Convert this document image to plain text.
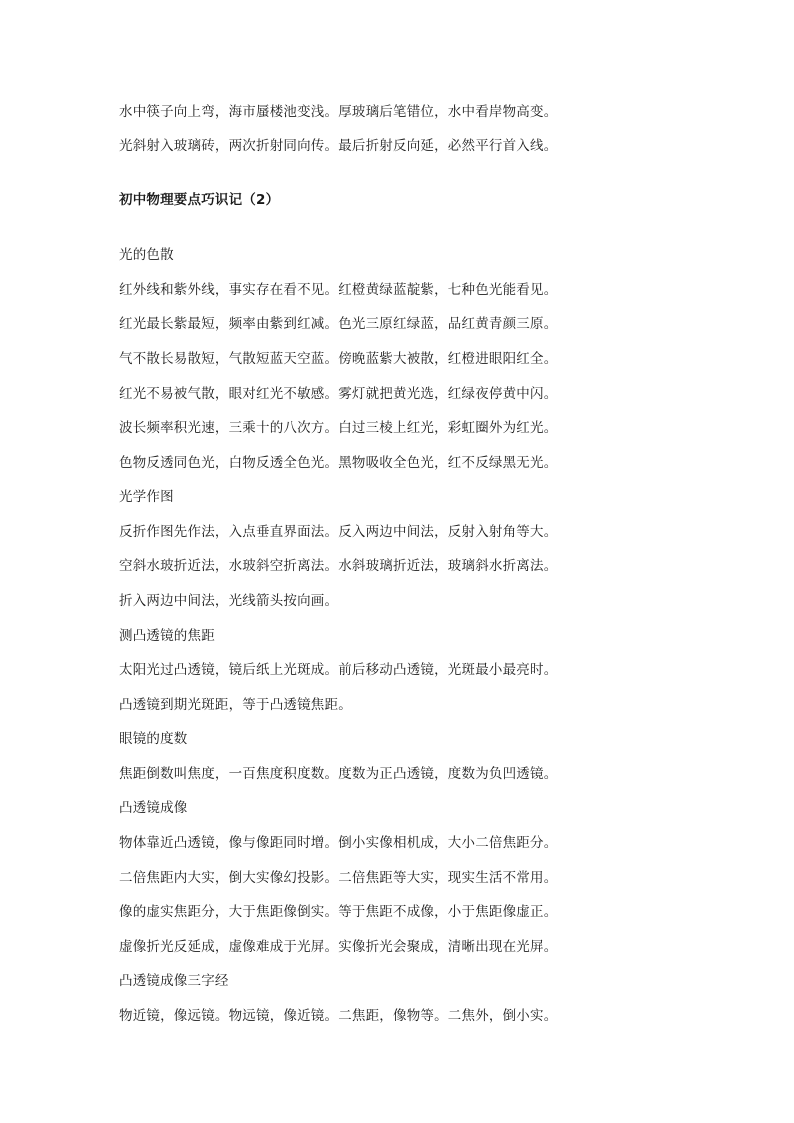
水中筷子向上弯，海市蜃楼池变浅。厚玻璃后笔错位，水中看岸物高变。
光斜射入玻璃砖，两次折射同向传。最后折射反向延，必然平行首入线。
初中物理要点巧识记（2）
光的色散
红外线和紫外线，事实存在看不见。红橙黄绿蓝靛紫，七种色光能看见。
红光最长紫最短，频率由紫到红减。色光三原红绿蓝，品红黄青颜三原。
气不散长易散短，气散短蓝天空蓝。傍晚蓝紫大被散，红橙进眼阳红全。
红光不易被气散，眼对红光不敏感。雾灯就把黄光选，红绿夜停黄中闪。
波长频率积光速，三乘十的八次方。白过三棱上红光，彩虹圈外为红光。
色物反透同色光，白物反透全色光。黑物吸收全色光，红不反绿黑无光。
光学作图
反折作图先作法，入点垂直界面法。反入两边中间法，反射入射角等大。
空斜水玻折近法，水玻斜空折离法。水斜玻璃折近法，玻璃斜水折离法。
折入两边中间法，光线箭头按向画。
测凸透镜的焦距
太阳光过凸透镜，镜后纸上光斑成。前后移动凸透镜，光斑最小最亮时。
凸透镜到期光斑距，等于凸透镜焦距。
眼镜的度数
焦距倒数叫焦度，一百焦度积度数。度数为正凸透镜，度数为负凹透镜。
凸透镜成像
物体靠近凸透镜，像与像距同时增。倒小实像相机成，大小二倍焦距分。
二倍焦距内大实，倒大实像幻投影。二倍焦距等大实，现实生活不常用。
像的虚实焦距分，大于焦距像倒实。等于焦距不成像，小于焦距像虚正。
虚像折光反延成，虚像难成于光屏。实像折光会聚成，清晰出现在光屏。
凸透镜成像三字经
物近镜，像远镜。物远镜，像近镜。二焦距，像物等。二焦外，倒小实。
